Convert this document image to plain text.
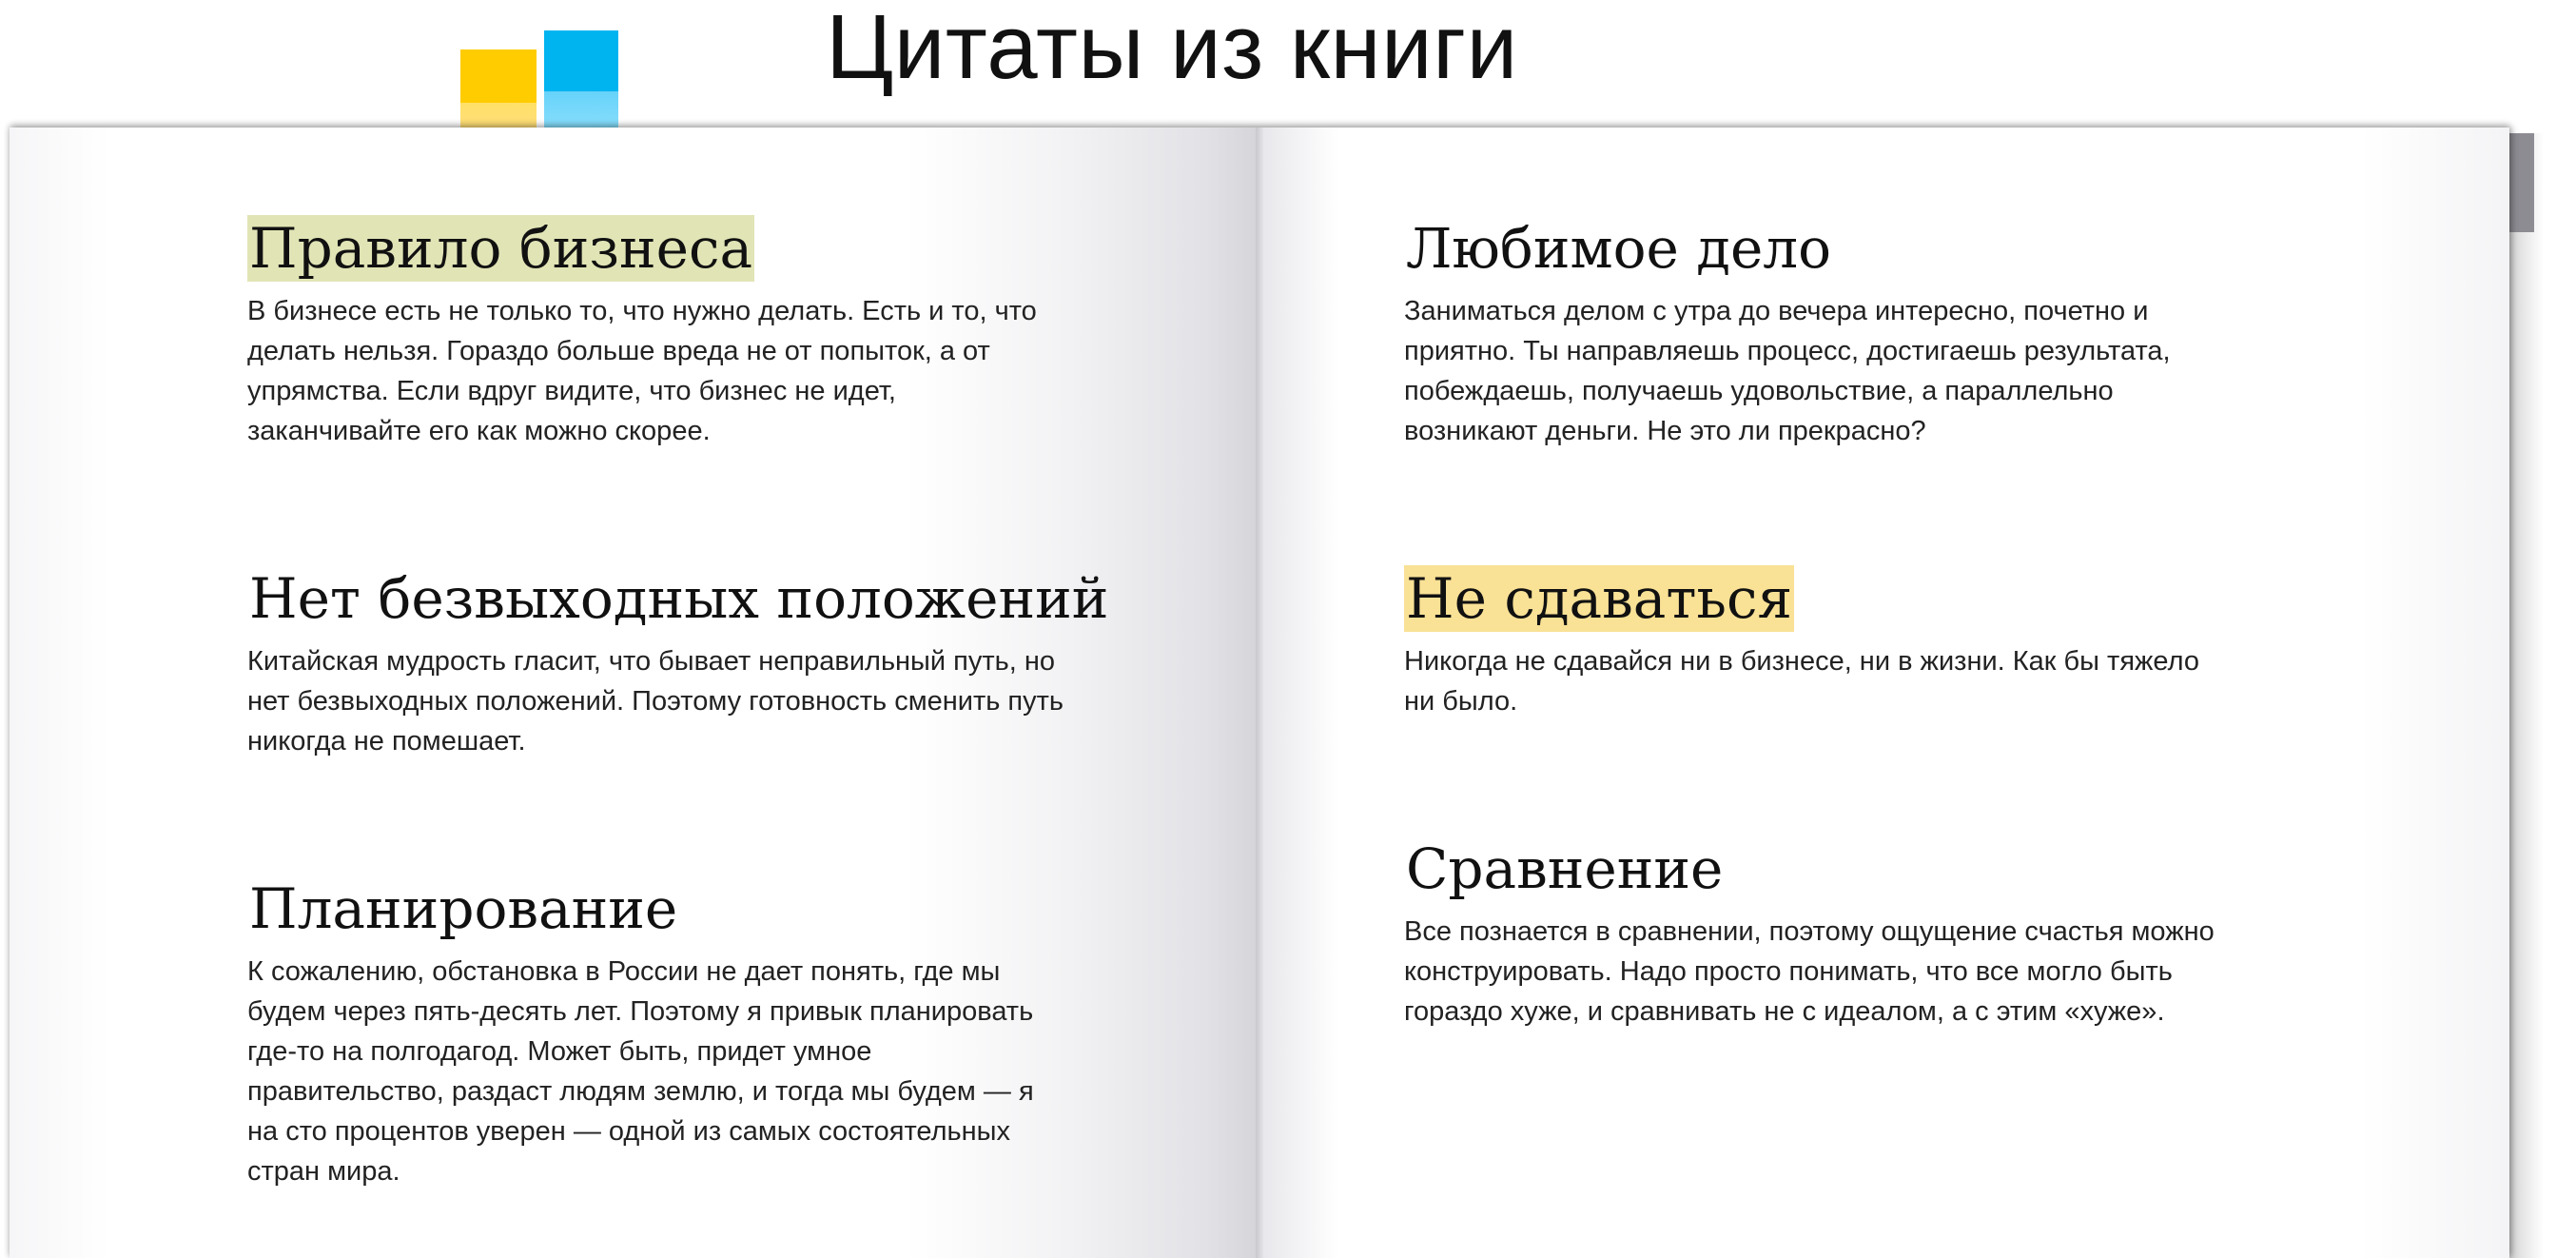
Цитаты из книги
Правило бизнеса

В бизнесе есть не только то, что нужно делать. Есть и то, что
делать нельзя. Гораздо больше вреда не от попыток, а от
упрямства. Если вдруг видите, что бизнес не идет,
заканчивайте его как можно скорее.

Нет безвыходных положений

Китайская мудрость гласит, что бывает неправильный путь, но
нет безвыходных положений. Поэтому готовность сменить путь
никогда не помешает.

Планирование

К сожалению, обстановка в России не дает понять, где мы
будем через пять-десять лет. Поэтому я привык планировать
где-то на полгодагод. Может быть, придет умное
правительство, раздаст людям землю, и тогда мы будем — я
на сто процентов уверен — одной из самых состоятельных
стран мира.

Любимое дело

Заниматься делом с утра до вечера интересно, почетно и
приятно. Ты направляешь процесс, достигаешь результата,
побеждаешь, получаешь удовольствие, а параллельно
возникают деньги. Не это ли прекрасно?

Не сдаваться

Никогда не сдавайся ни в бизнесе, ни в жизни. Как бы тяжело
ни было.

Сравнение

Все познается в сравнении, поэтому ощущение счастья можно
конструировать. Надо просто понимать, что все могло быть
гораздо хуже, и сравнивать не с идеалом, а с этим «хуже».
